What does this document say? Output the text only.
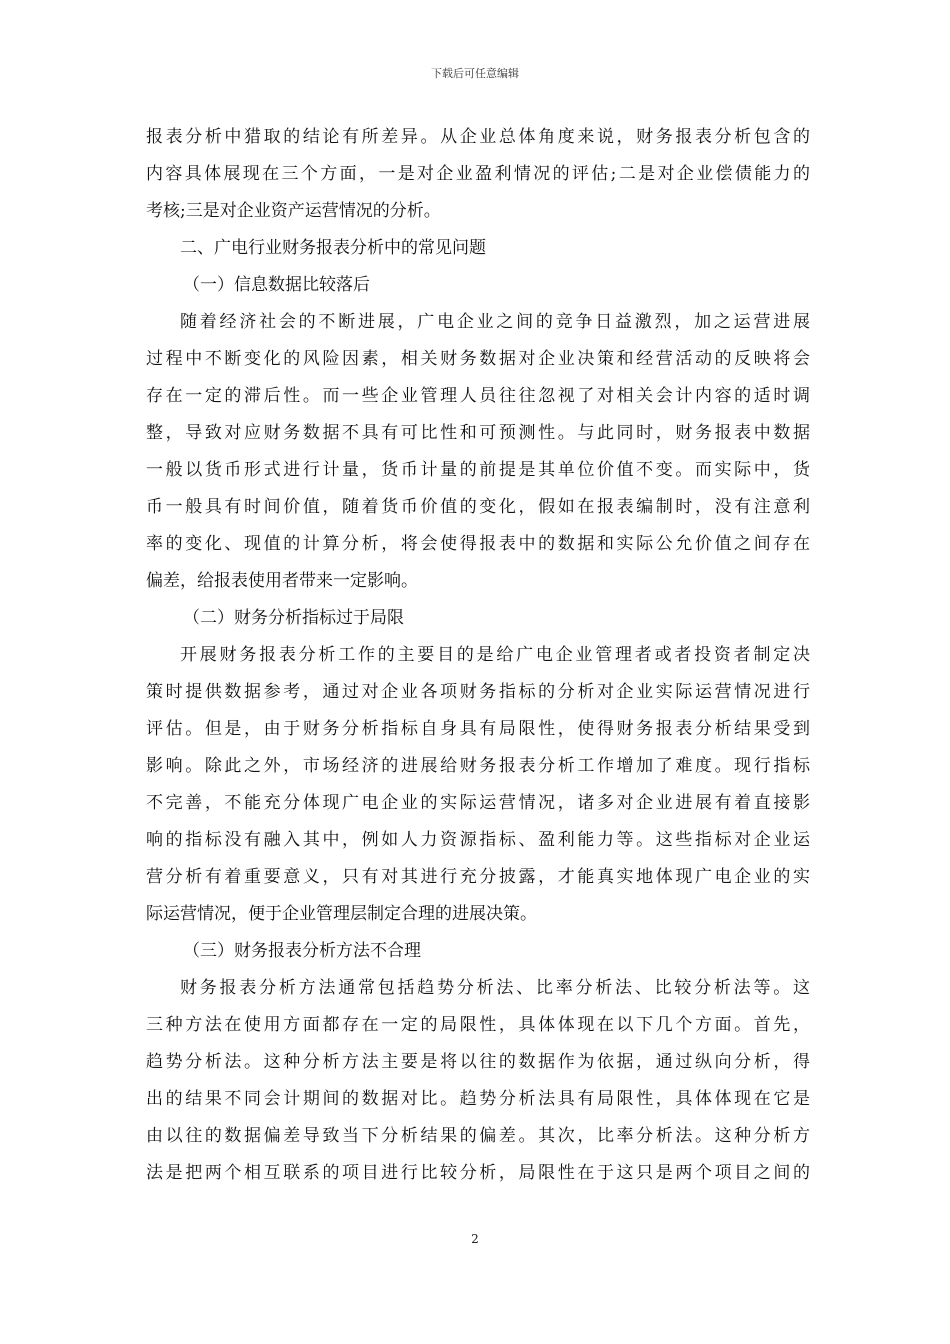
下载后可任意编辑
报表分析中猎取的结论有所差异。从企业总体角度来说，财务报表分析包含的
内容具体展现在三个方面，一是对企业盈利情况的评估;二是对企业偿债能力的
考核;三是对企业资产运营情况的分析。
二、广电行业财务报表分析中的常见问题
（一）信息数据比较落后
随着经济社会的不断进展，广电企业之间的竞争日益激烈，加之运营进展
过程中不断变化的风险因素，相关财务数据对企业决策和经营活动的反映将会
存在一定的滞后性。而一些企业管理人员往往忽视了对相关会计内容的适时调
整，导致对应财务数据不具有可比性和可预测性。与此同时，财务报表中数据
一般以货币形式进行计量，货币计量的前提是其单位价值不变。而实际中，货
币一般具有时间价值，随着货币价值的变化，假如在报表编制时，没有注意利
率的变化、现值的计算分析，将会使得报表中的数据和实际公允价值之间存在
偏差，给报表使用者带来一定影响。
（二）财务分析指标过于局限
开展财务报表分析工作的主要目的是给广电企业管理者或者投资者制定决
策时提供数据参考，通过对企业各项财务指标的分析对企业实际运营情况进行
评估。但是，由于财务分析指标自身具有局限性，使得财务报表分析结果受到
影响。除此之外，市场经济的进展给财务报表分析工作增加了难度。现行指标
不完善，不能充分体现广电企业的实际运营情况，诸多对企业进展有着直接影
响的指标没有融入其中，例如人力资源指标、盈利能力等。这些指标对企业运
营分析有着重要意义，只有对其进行充分披露，才能真实地体现广电企业的实
际运营情况，便于企业管理层制定合理的进展决策。
（三）财务报表分析方法不合理
财务报表分析方法通常包括趋势分析法、比率分析法、比较分析法等。这
三种方法在使用方面都存在一定的局限性，具体体现在以下几个方面。首先，
趋势分析法。这种分析方法主要是将以往的数据作为依据，通过纵向分析，得
出的结果不同会计期间的数据对比。趋势分析法具有局限性，具体体现在它是
由以往的数据偏差导致当下分析结果的偏差。其次，比率分析法。这种分析方
法是把两个相互联系的项目进行比较分析，局限性在于这只是两个项目之间的
2
